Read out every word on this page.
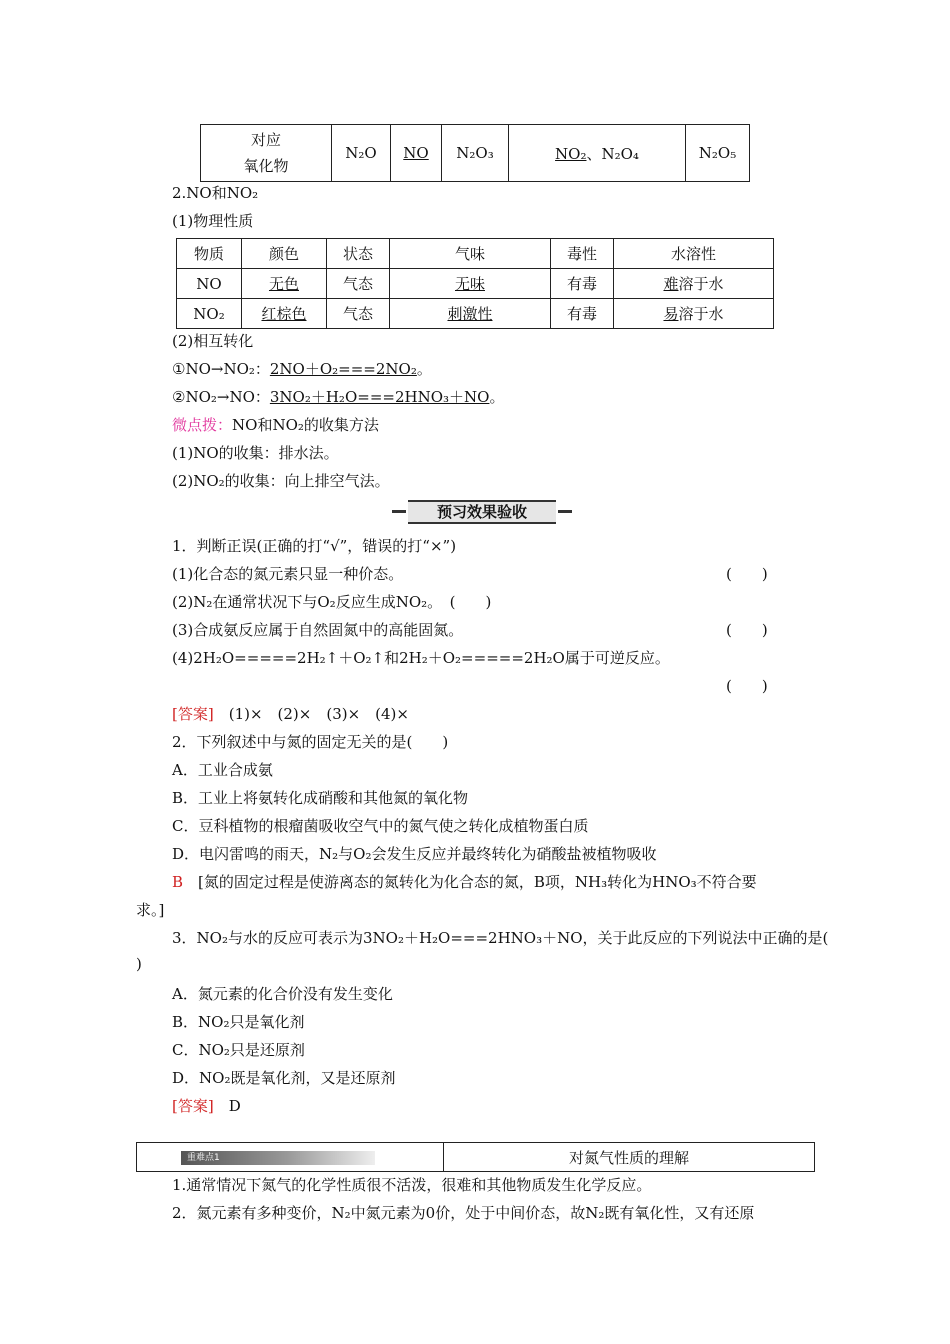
对应
氧化物	N₂O	NO	N₂O₃	NO₂、N₂O₄	N₂O₅
2.NO和NO₂
(1)物理性质
物质	颜色	状态	气味	毒性	水溶性
NO	无色	气态	无味	有毒	难溶于水
NO₂	红棕色	气态	刺激性	有毒	易溶于水
(2)相互转化
①NO→NO₂：2NO＋O₂===2NO₂。
②NO₂→NO：3NO₂＋H₂O===2HNO₃＋NO。
微点拨：NO和NO₂的收集方法
(1)NO的收集：排水法。
(2)NO₂的收集：向上排空气法。
预习效果验收
1．判断正误(正确的打“√”，错误的打“×”)
(1)化合态的氮元素只显一种价态。	(　　)
(2)N₂在通常状况下与O₂反应生成NO₂。　(　　)
(3)合成氨反应属于自然固氮中的高能固氮。	(　　)
(4)2H₂O=====2H₂↑＋O₂↑和2H₂＋O₂=====2H₂O属于可逆反应。
(　　)
[答案]　(1)×　(2)×　(3)×　(4)×
2．下列叙述中与氮的固定无关的是(　　)
A．工业合成氨
B．工业上将氨转化成硝酸和其他氮的氧化物
C．豆科植物的根瘤菌吸收空气中的氮气使之转化成植物蛋白质
D．电闪雷鸣的雨天，N₂与O₂会发生反应并最终转化为硝酸盐被植物吸收
B　[氮的固定过程是使游离态的氮转化为化合态的氮，B项，NH₃转化为HNO₃不符合要
求。]
3．NO₂与水的反应可表示为3NO₂＋H₂O===2HNO₃＋NO，关于此反应的下列说法中正确的是(
)
A．氮元素的化合价没有发生变化
B．NO₂只是氧化剂
C．NO₂只是还原剂
D．NO₂既是氧化剂，又是还原剂
[答案]　D
重难点1	对氮气性质的理解
1.通常情况下氮气的化学性质很不活泼，很难和其他物质发生化学反应。
2．氮元素有多种变价，N₂中氮元素为0价，处于中间价态，故N₂既有氧化性，又有还原
